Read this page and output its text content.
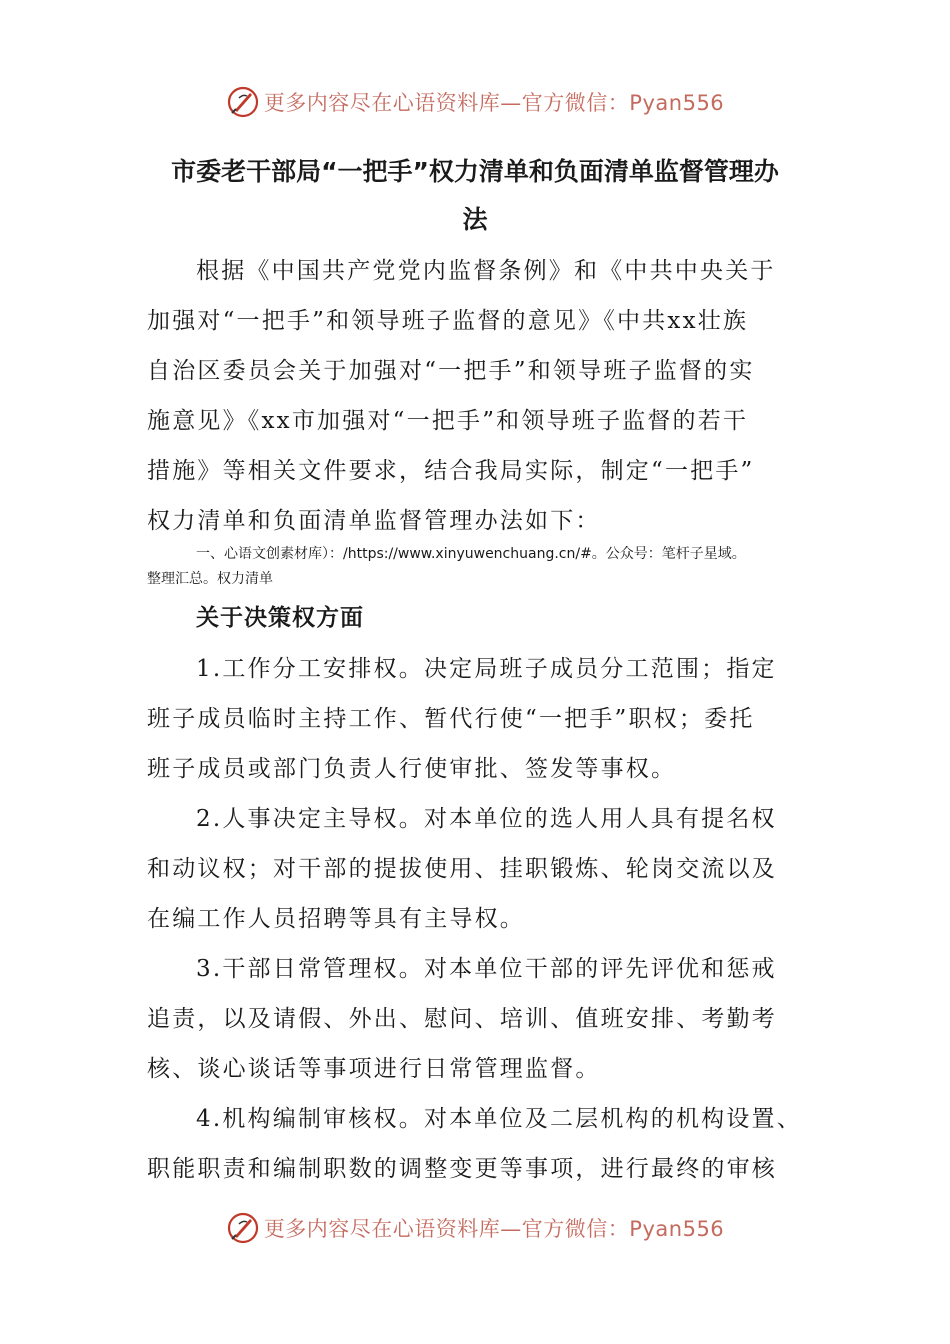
更多内容尽在心语资料库—官方微信：Pyan556
市委老干部局“一把手”权力清单和负面清单监督管理办
法
根据《中国共产党党内监督条例》和《中共中央关于
加强对“一把手”和领导班子监督的意见》《中共xx壮族
自治区委员会关于加强对“一把手”和领导班子监督的实
施意见》《xx市加强对“一把手”和领导班子监督的若干
措施》等相关文件要求，结合我局实际，制定“一把手”
权力清单和负面清单监督管理办法如下：
一、心语文创素材库）：/https://www.xinyuwenchuang.cn/#。公众号：笔杆子星域。
整理汇总。权力清单
关于决策权方面
1.工作分工安排权。决定局班子成员分工范围；指定
班子成员临时主持工作、暂代行使“一把手”职权；委托
班子成员或部门负责人行使审批、签发等事权。
2.人事决定主导权。对本单位的选人用人具有提名权
和动议权；对干部的提拔使用、挂职锻炼、轮岗交流以及
在编工作人员招聘等具有主导权。
3.干部日常管理权。对本单位干部的评先评优和惩戒
追责，以及请假、外出、慰问、培训、值班安排、考勤考
核、谈心谈话等事项进行日常管理监督。
4.机构编制审核权。对本单位及二层机构的机构设置、
职能职责和编制职数的调整变更等事项，进行最终的审核
更多内容尽在心语资料库—官方微信：Pyan556
